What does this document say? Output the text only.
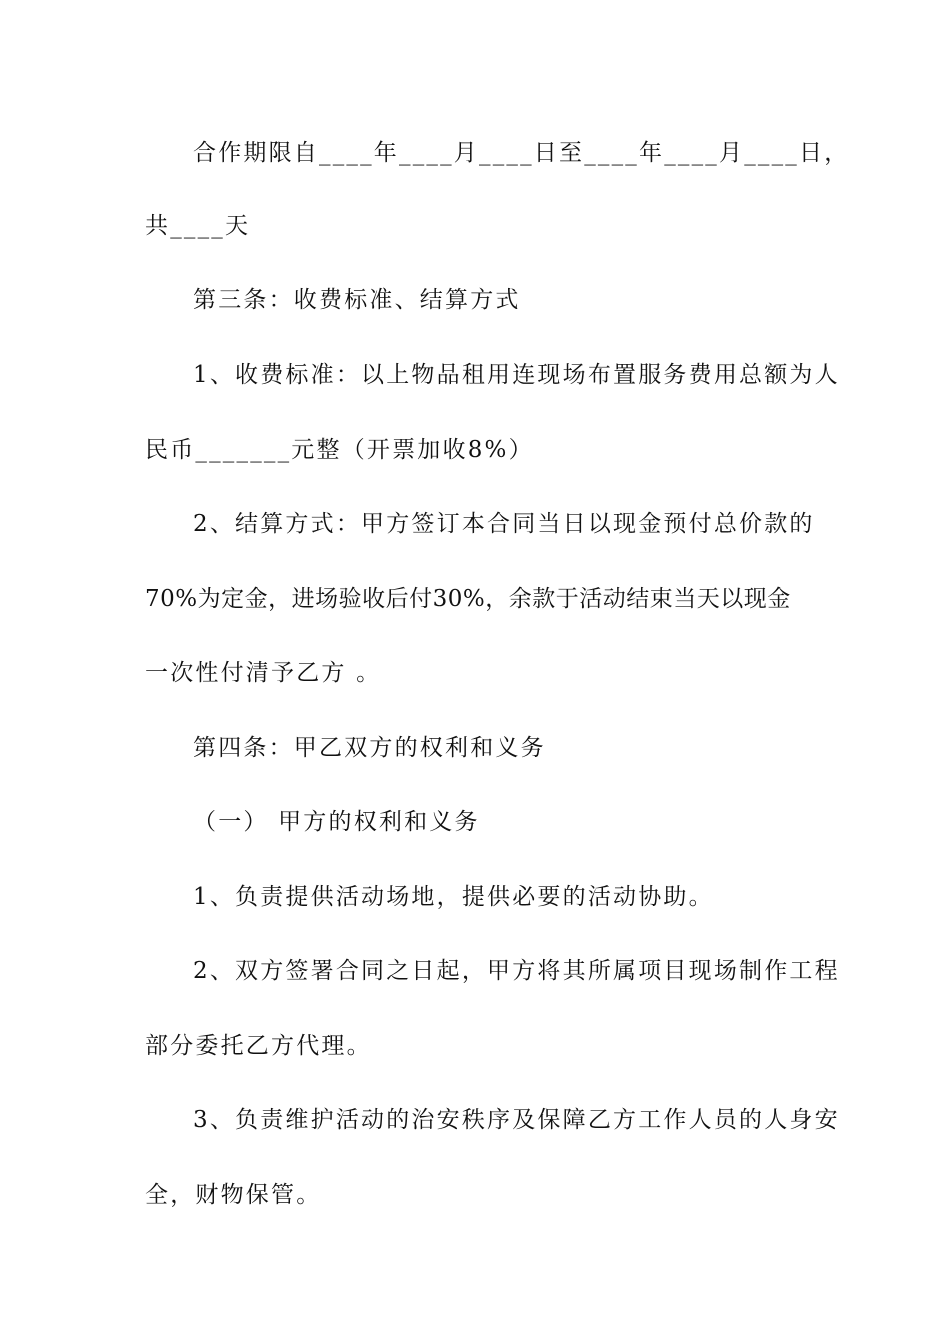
合作期限自____年____月____日至____年____月____日，
共____天
第三条：收费标准、结算方式
1、收费标准：以上物品租用连现场布置服务费用总额为人
民币_______元整（开票加收8%）
2、结算方式：甲方签订本合同当日以现金预付总价款的
70%为定金，进场验收后付30%，余款于活动结束当天以现金
一次性付清予乙方 。
第四条：甲乙双方的权利和义务
（一） 甲方的权利和义务
1、负责提供活动场地，提供必要的活动协助。
2、双方签署合同之日起，甲方将其所属项目现场制作工程
部分委托乙方代理。
3、负责维护活动的治安秩序及保障乙方工作人员的人身安
全，财物保管。
